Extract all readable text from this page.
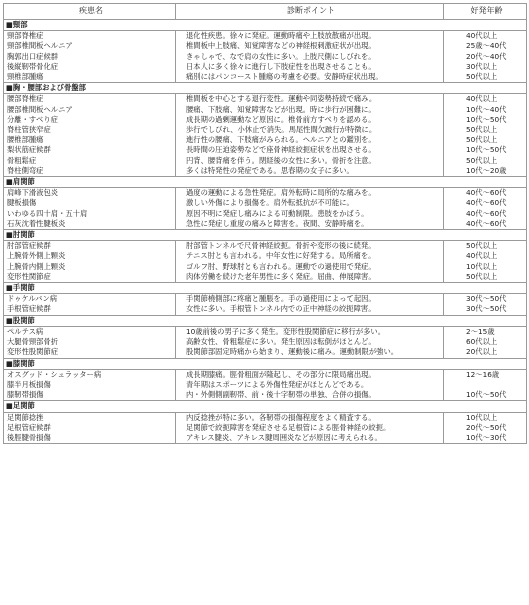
疾患名	診断ポイント	好発年齢
■頸部		
頸部脊椎症	退化性疾患。徐々に発症。運動時痛や上肢放散痛が出現。	40代以上
頸部椎間板ヘルニア	椎間板中上肢痛、知覚障害などの神経根刺激症状が出現。	25歳〜40代
胸郭出口症候群	きゃしゃで、なで肩の女性に多い。上肢尺側にしびれを。	20代〜40代
後縦靭帯骨化症	日本人に多く徐々に進行し下肢症性を出現させることも。	30代以上
頸椎部腫瘍	痛別にはパンコースト腫瘍の考慮を必要。安静時症状出現。	50代以上
■胸・腰部および骨盤部		
腰部脊椎症	椎間板を中心とする退行変性。運動や同姿勢持続で痛み。	40代以上
腰部椎間板ヘルニア	腰痛、下肢痛、知覚障害などが出現。時に歩行が困難に。	10代〜40代
分離・すべり症	成長期の過剰運動など原因に。椎骨前方すべりを認める。	10代〜50代
脊柱管狭窄症	歩行でしびれ、小休止で消失。馬尾性間欠跛行が特徴に。	50代以上
腰椎部腫瘍	進行性の腰痛、下肢痛がみられる。ヘルニアとの鑑別を。	50代以上
梨状筋症候群	長時間の圧迫姿勢などで座骨神経絞扼症状を出現させる。	10代〜50代
骨粗鬆症	円背、腰背痛を伴う。閉経後の女性に多い。骨折を注意。	50代以上
脊柱側弯症	多くは特発性の発症である。思春期の女子に多い。	10代〜20歳
■肩関節		
肩峰下滑液包炎	過度の運動による急性発症。肩外転時に局所的な痛みを。	40代〜60代
腱板損傷	激しい外傷により損傷を。肩外転抵抗が不可能に。	40代〜60代
いわゆる四十肩・五十肩	原因不明に発症し痛みによる可動制限。患肢をかばう。	40代〜60代
石灰沈着性腱板炎	急性に発症し重度の痛みと障害を。夜間、安静時痛を。	40代〜60代
■肘関節		
肘部管症候群	肘部管トンネルで尺骨神経絞扼。骨折や変形の後に続発。	50代以上
上腕骨外側上顆炎	テニス肘とも言われる。中年女性に好発する。局所痛を。	40代以上
上腕骨内側上顆炎	ゴルフ肘、野球肘とも言われる。運動での過使用で発症。	10代以上
変形性関節症	肉体労働を続けた老年男性に多く発症。屈曲、伸展障害。	50代以上
■手関節		
ドゥケルバン病	手関節橈側部に疼痛と腫脹を。手の過使用によって起因。	30代〜50代
手根管症候群	女性に多い。手根管トンネル内での正中神経の絞扼障害。	30代〜50代
■股関節		
ペルテス病	10歳前後の男子に多く発生。変形性股関節症に移行が多い。	2〜15歳
大腿骨頸部骨折	高齢女性、骨粗鬆症に多い。発生原因は転倒がほとんど。	60代以上
変形性股関節症	股関節部固定時痛から始まり、運動後に痛み。運動制限が強い。	20代以上
■膝関節		
オスグッド・シュラッター病	成長期膝痛。脛骨粗面が隆起し、その部分に限局痛出現。	12〜16歳
膝半月板損傷	青年期はスポーツによる外傷性発症がほとんどである。	
膝靭帯損傷	内・外側側副靭帯、前・後十字靭帯の単独、合併の損傷。	10代〜50代
■足関節		
足関節捻挫	内反捻挫が特に多い。各靭帯の損傷程度をよく精査する。	10代以上
足根管症候群	足関節で絞扼障害を発症させる足根管による脛骨神経の絞扼。	20代〜50代
後脛腱骨損傷	アキレス腱炎、アキレス腱周囲炎などが原因に考えられる。	10代〜30代
